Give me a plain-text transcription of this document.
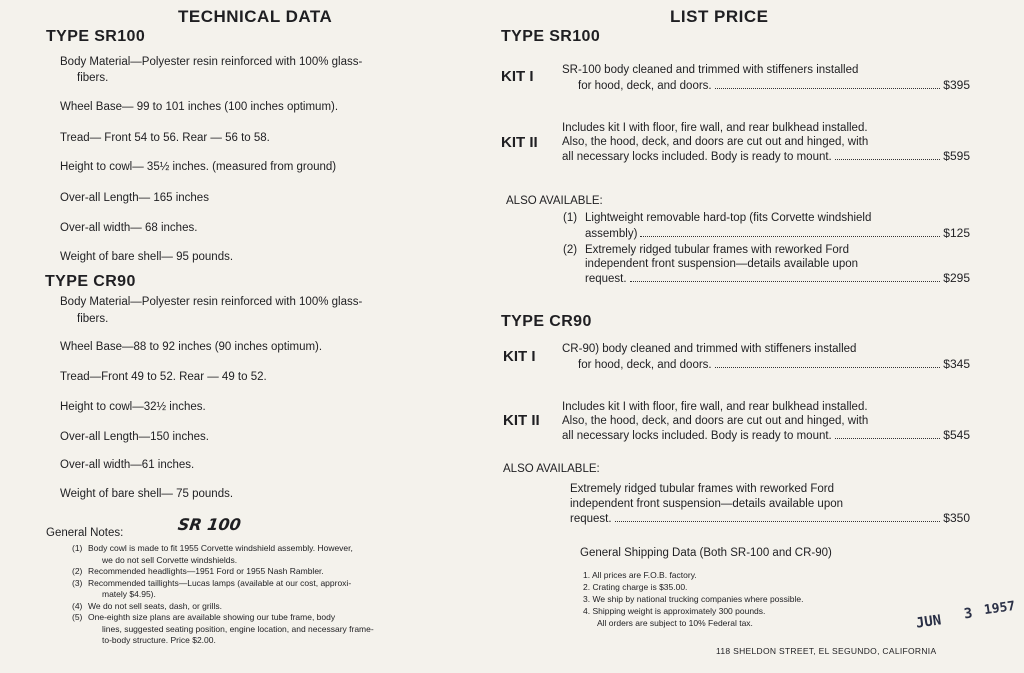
TECHNICAL DATA
TYPE SR100
Body Material—Polyester resin reinforced with 100% glass-
fibers.
Wheel Base— 99 to 101 inches (100 inches optimum).
Tread— Front 54 to 56. Rear — 56 to 58.
Height to cowl— 35½ inches. (measured from ground)
Over-all Length— 165 inches
Over-all width— 68 inches.
Weight of bare shell— 95 pounds.
TYPE CR90
Body Material—Polyester resin reinforced with 100% glass-
fibers.
Wheel Base—88 to 92 inches (90 inches optimum).
Tread—Front 49 to 52. Rear — 49 to 52.
Height to cowl—32½ inches.
Over-all Length—150 inches.
Over-all width—61 inches.
Weight of bare shell— 75 pounds.
General Notes:	SR 100
(1) Body cowl is made to fit 1955 Corvette windshield assembly. However,
we do not sell Corvette windshields.
(2) Recommended headlights—1951 Ford or 1955 Nash Rambler.
(3) Recommended taillights—Lucas lamps (available at our cost, approxi-
mately $4.95).
(4) We do not sell seats, dash, or grills.
(5) One-eighth size plans are available showing our tube frame, body
lines, suggested seating position, engine location, and necessary frame-
to-body structure. Price $2.00.
LIST PRICE
TYPE SR100
KIT I SR-100 body cleaned and trimmed with stiffeners installed
for hood, deck, and doors.	$395
KIT II
Includes kit I with floor, fire wall, and rear bulkhead installed.
Also, the hood, deck, and doors are cut out and hinged, with
all necessary locks included. Body is ready to mount.	$595
ALSO AVAILABLE:
(1) Lightweight removable hard-top (fits Corvette windshield
assembly)	$125
(2) Extremely ridged tubular frames with reworked Ford
independent front suspension—details available upon
request.	$295
TYPE CR90
KIT I CR-90) body cleaned and trimmed with stiffeners installed
for hood, deck, and doors.	$345
KIT II
Includes kit I with floor, fire wall, and rear bulkhead installed.
Also, the hood, deck, and doors are cut out and hinged, with
all necessary locks included. Body is ready to mount.	$545
ALSO AVAILABLE:
Extremely ridged tubular frames with reworked Ford
independent front suspension—details available upon
request.	$350
General Shipping Data (Both SR-100 and CR-90)
1. All prices are F.O.B. factory.
2. Crating charge is $35.00.
3. We ship by national trucking companies where possible.
4. Shipping weight is approximately 300 pounds.
All orders are subject to 10% Federal tax.	JUN 3 1957
118 SHELDON STREET, EL SEGUNDO, CALIFORNIA
